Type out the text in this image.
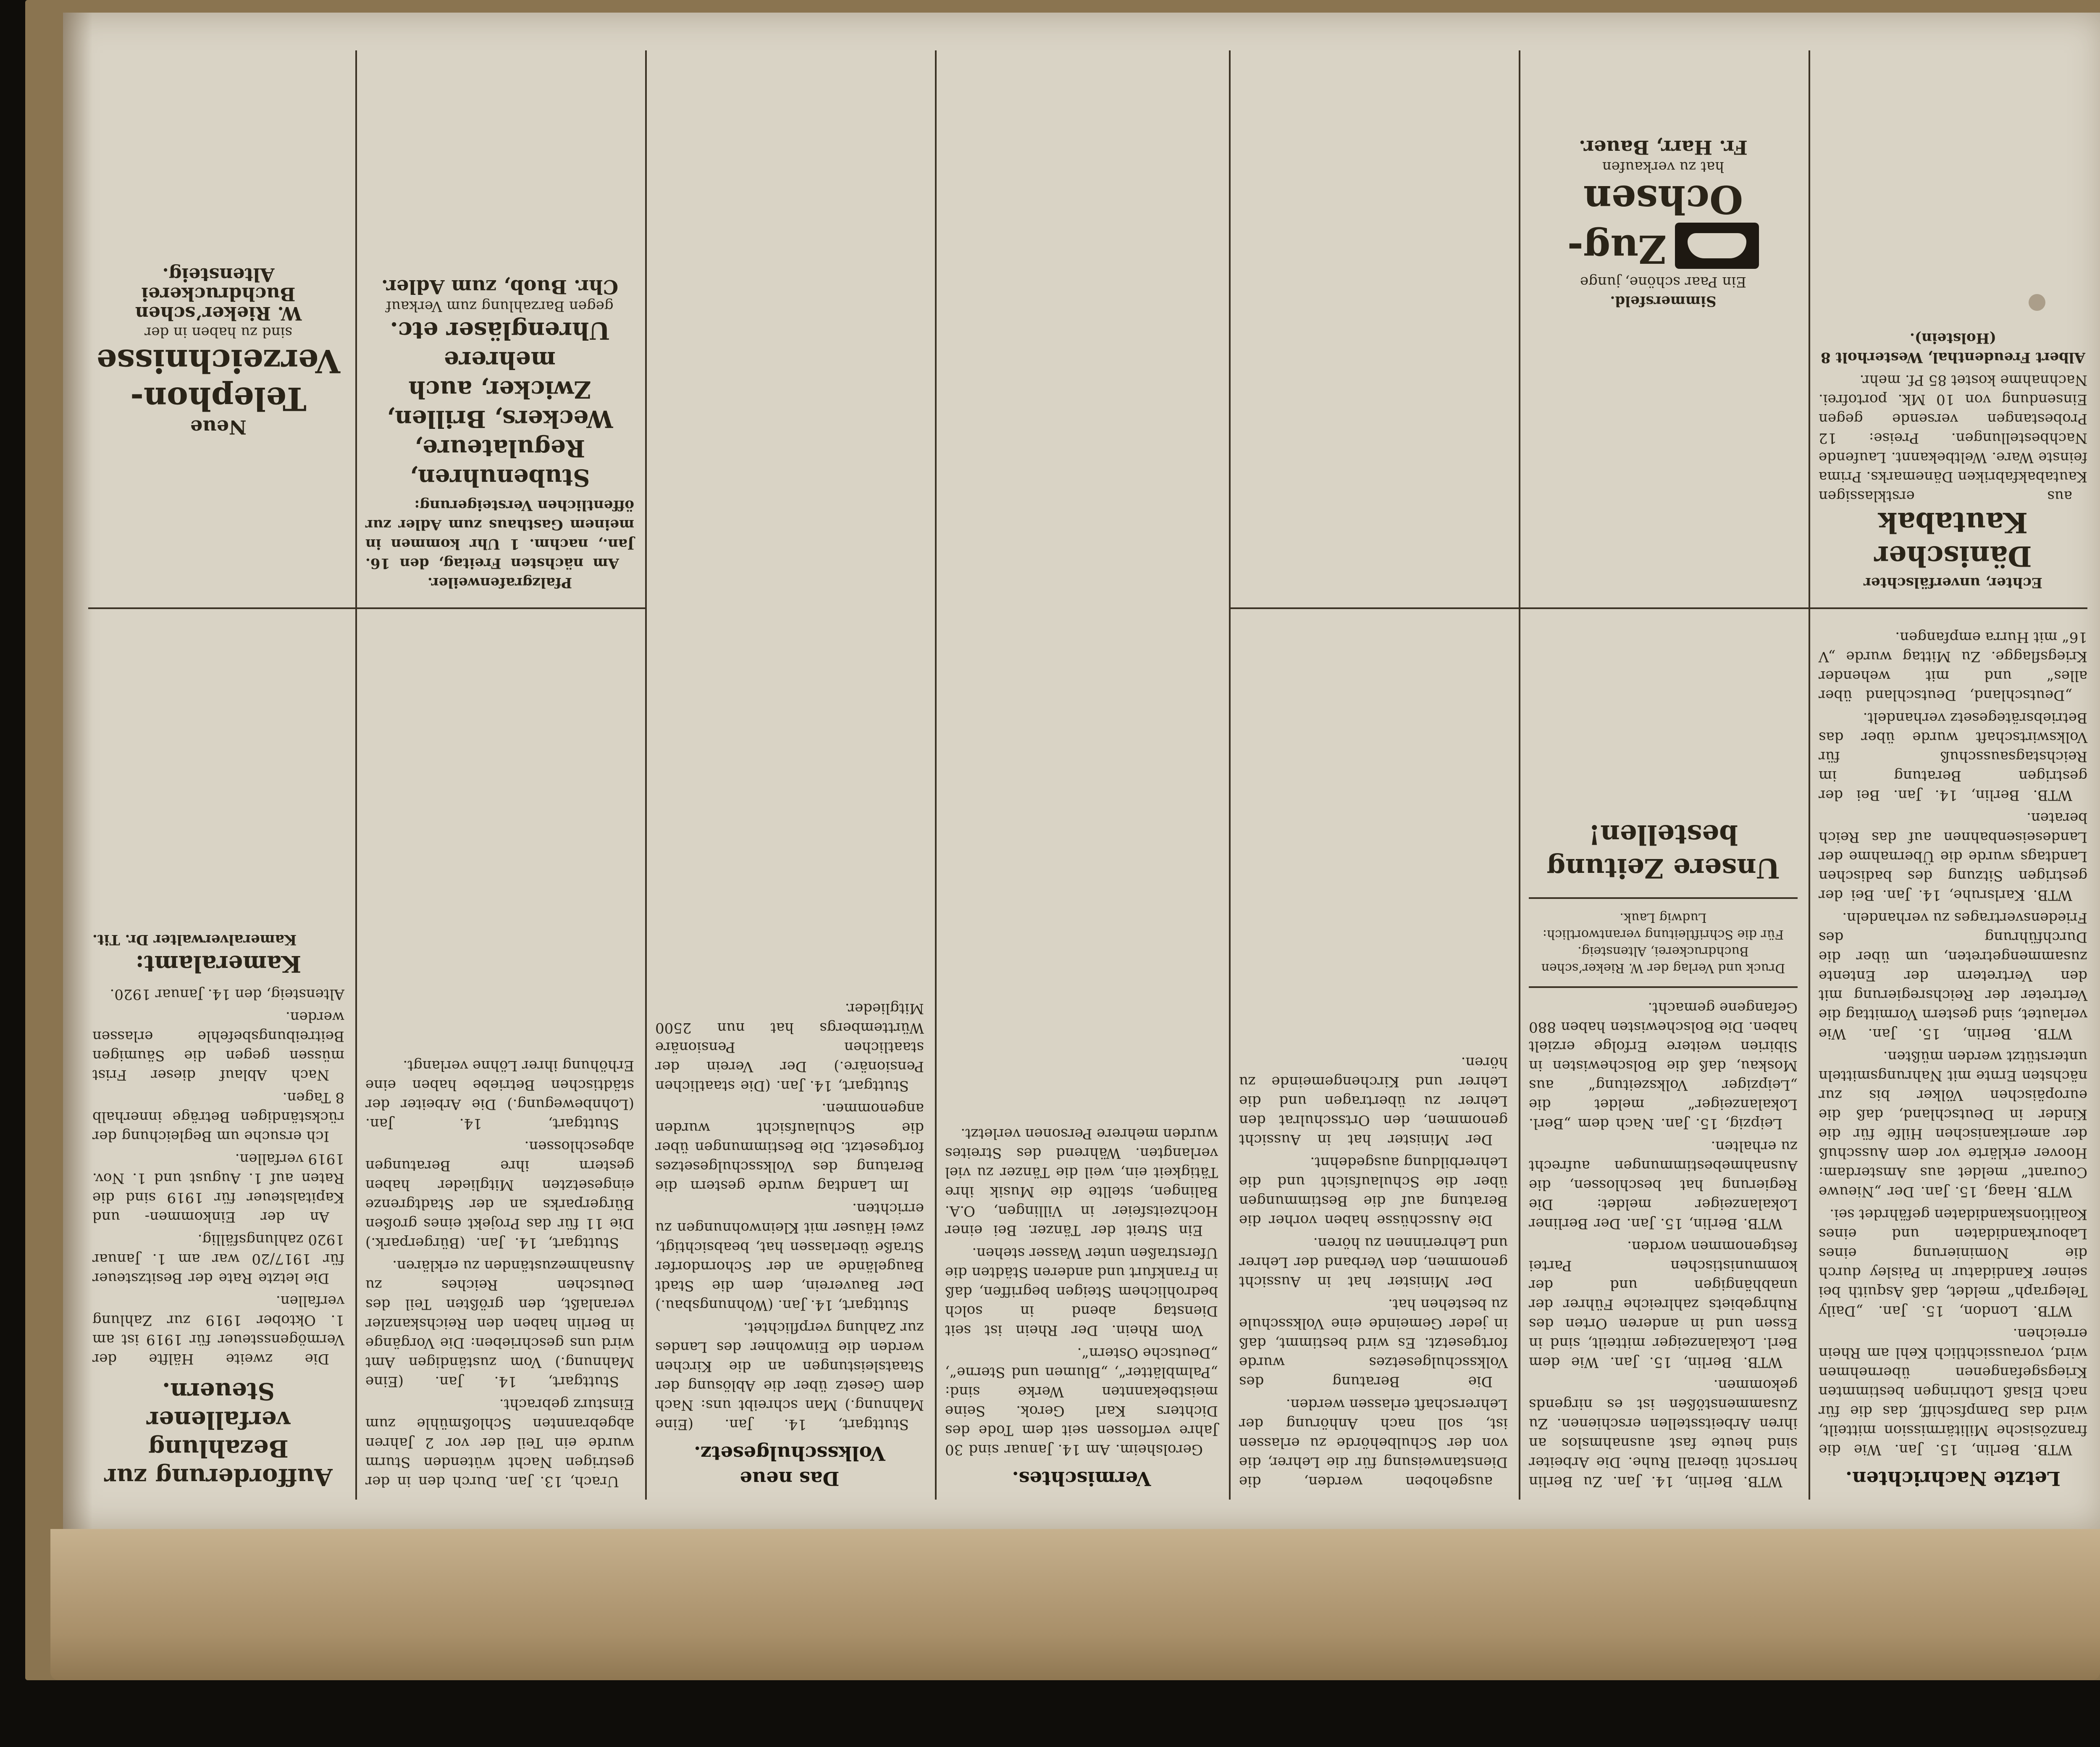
Letzte Nachrichten.

WTB. Berlin, 15. Jan. Wie die französische Militärmission mitteilt, wird das Dampfschiff, das die für nach Elsaß Lothringen bestimmten Kriegsgefangenen übernehmen wird, voraussichtlich Kehl am Rhein erreichen.

WTB. London, 15. Jan. „Daily Telegraph“ meldet, daß Asquith bei seiner Kandidatur in Paisley durch die Nominierung eines Labourkandidaten und eines Koalitionskandidaten gefährdet sei.

WTB. Haag, 15. Jan. Der „Nieuwe Courant“ meldet aus Amsterdam: Hoover erklärte vor dem Ausschuß der amerikanischen Hilfe für die Kinder in Deutschland, daß die europäischen Völker bis zur nächsten Ernte mit Nahrungsmitteln unterstützt werden müßten.

WTB. Berlin, 15. Jan. Wie verlautet, sind gestern Vormittag die Vertreter der Reichsregierung mit den Vertretern der Entente zusammengetreten, um über die Durchführung des Friedensvertrages zu verhandeln.

WTB. Karlsruhe, 14. Jan. Bei der gestrigen Sitzung des badischen Landtags wurde die Übernahme der Landeseisenbahnen auf das Reich beraten.

WTB. Berlin, 14. Jan. Bei der gestrigen Beratung im Reichstagsausschuß für Volkswirtschaft wurde über das Betriebsrätegesetz verhandelt.

„Deutschland, Deutschland über alles“ und mit wehender Kriegsflagge. Zu Mittag wurde „V 16“ mit Hurra empfangen.

WTB. Berlin, 14. Jan. Zu Berlin herrscht überall Ruhe. Die Arbeiter sind heute fast ausnahmslos an ihren Arbeitsstellen erschienen. Zu Zusammenstößen ist es nirgends gekommen.

WTB. Berlin, 15. Jan. Wie dem Berl. Lokalanzeiger mitteilt, sind in Essen und in anderen Orten des Ruhrgebiets zahlreiche Führer der unabhängigen und der kommunistischen Partei festgenommen worden.

WTB. Berlin, 15. Jan. Der Berliner Lokalanzeiger meldet: Die Regierung hat beschlossen, die Ausnahmebestimmungen aufrecht zu erhalten.

Leipzig, 15. Jan. Nach dem „Berl. Lokalanzeiger“ meldet die „Leipziger Volkszeitung“ aus Moskau, daß die Bolschewisten in Sibirien weitere Erfolge erzielt haben. Die Bolschewisten haben 880 Gefangene gemacht.

Druck und Verlag der W. Rieker’schen Buchdruckerei, Altensteig.
Für die Schriftleitung verantwortlich: Ludwig Lauk.
Unsere Zeitung bestellen!

ausgehoben werden, die Dienstanweisung für die Lehrer, die von der Schulbehörde zu erlassen ist, soll nach Anhörung der Lehrerschaft erlassen werden.

Die Beratung des Volksschulgesetzes wurde fortgesetzt. Es wird bestimmt, daß in jeder Gemeinde eine Volksschule zu bestehen hat.

Der Minister hat in Aussicht genommen, den Verband der Lehrer und Lehrerinnen zu hören.

Die Ausschüsse haben vorher die Beratung auf die Bestimmungen über die Schulaufsicht und die Lehrerbildung ausgedehnt.

Der Minister hat in Aussicht genommen, den Ortsschulrat den Lehrer zu übertragen und die Lehrer und Kirchengemeinde zu hören.

Vermischtes.

Gerolsheim. Am 14. Januar sind 30 Jahre verflossen seit dem Tode des Dichters Karl Gerok. Seine meistbekannten Werke sind: „Palmblätter“, „Blumen und Sterne“, „Deutsche Ostern“.

Vom Rhein. Der Rhein ist seit Dienstag abend in solch bedrohlichem Steigen begriffen, daß in Frankfurt und anderen Städten die Uferstraßen unter Wasser stehen.

Ein Streit der Tänzer. Bei einer Hochzeitsfeier in Villingen, O.A. Balingen, stellte die Musik ihre Tätigkeit ein, weil die Tänzer zu viel verlangten. Während des Streites wurden mehrere Personen verletzt.

Das neue Volksschulgesetz.

Stuttgart, 14. Jan. (Eine Mahnung.) Man schreibt uns: Nach dem Gesetz über die Ablösung der Staatsleistungen an die Kirchen werden die Einwohner des Landes zur Zahlung verpflichtet.

Stuttgart, 14. Jan. (Wohnungsbau.) Der Bauverein, dem die Stadt Baugelände an der Schorndorfer Straße überlassen hat, beabsichtigt, zwei Häuser mit Kleinwohnungen zu errichten.

Im Landtag wurde gestern die Beratung des Volksschulgesetzes fortgesetzt. Die Bestimmungen über die Schulaufsicht wurden angenommen.

Stuttgart, 14. Jan. (Die staatlichen Pensionäre.) Der Verein der staatlichen Pensionäre Württembergs hat nun 2500 Mitglieder.

Urach, 13. Jan. Durch den in der gestrigen Nacht wütenden Sturm wurde ein Teil der vor 2 Jahren abgebrannten Schloßmühle zum Einsturz gebracht.

Stuttgart, 14. Jan. (Eine Mahnung.) Vom zuständigen Amt wird uns geschrieben: Die Vorgänge in Berlin haben den Reichskanzler veranlaßt, den größten Teil des Deutschen Reiches zu Ausnahmezuständen zu erklären.

Stuttgart, 14. Jan. (Bürgerpark.) Die 11 für das Projekt eines großen Bürgerparks an der Stadtgrenze eingesetzten Mitglieder haben gestern ihre Beratungen abgeschlossen.

Stuttgart, 14. Jan. (Lohnbewegung.) Die Arbeiter der städtischen Betriebe haben eine Erhöhung ihrer Löhne verlangt.

Aufforderung zur Bezahlung verfallener Steuern.

Die zweite Hälfte der Vermögenssteuer für 1919 ist am 1. Oktober 1919 zur Zahlung verfallen.

Die letzte Rate der Besitzsteuer für 1917/20 war am 1. Januar 1920 zahlungsfällig.

An der Einkommen- und Kapitalsteuer für 1919 sind die Raten auf 1. August und 1. Nov. 1919 verfallen.

Ich ersuche um Begleichung der rückständigen Beträge innerhalb 8 Tagen.

Nach Ablauf dieser Frist müssen gegen die Säumigen Beitreibungsbefehle erlassen werden.

Altensteig, den 14. Januar 1920.
Kameralamt:
Kameralverwalter Dr. Tit.
Echter, unverfälschter
Dänischer Kautabak

aus erstklassigen Kautabakfabriken Dänemarks. Prima feinste Ware. Weltbekannt. Laufende Nachbestellungen. Preise: 12 Probestangen versende gegen Einsendung von 10 Mk. portofrei. Nachnahme kostet 85 Pf. mehr.

Albert Freudenthal, Westerholt 8 (Holstein).
Simmersfeld.
Ein Paar schöne, junge
Zug-Ochsen
hat zu verkaufen
Fr. Harr, Bauer.
Pfalzgrafenweiler.

Am nächsten Freitag, den 16. Jan., nachm. 1 Uhr kommen in meinem Gasthaus zum Adler zur öffentlichen Versteigerung:

Stubenuhren, Regulateure, Weckers, Brillen, Zwicker, auch mehrere Uhrengläser etc.
gegen Barzahlung zum Verkauf
Chr. Buob, zum Adler.
Neue
Telephon-Verzeichnisse
sind zu haben in der
W. Rieker’schen Buchdruckerei Altensteig.
